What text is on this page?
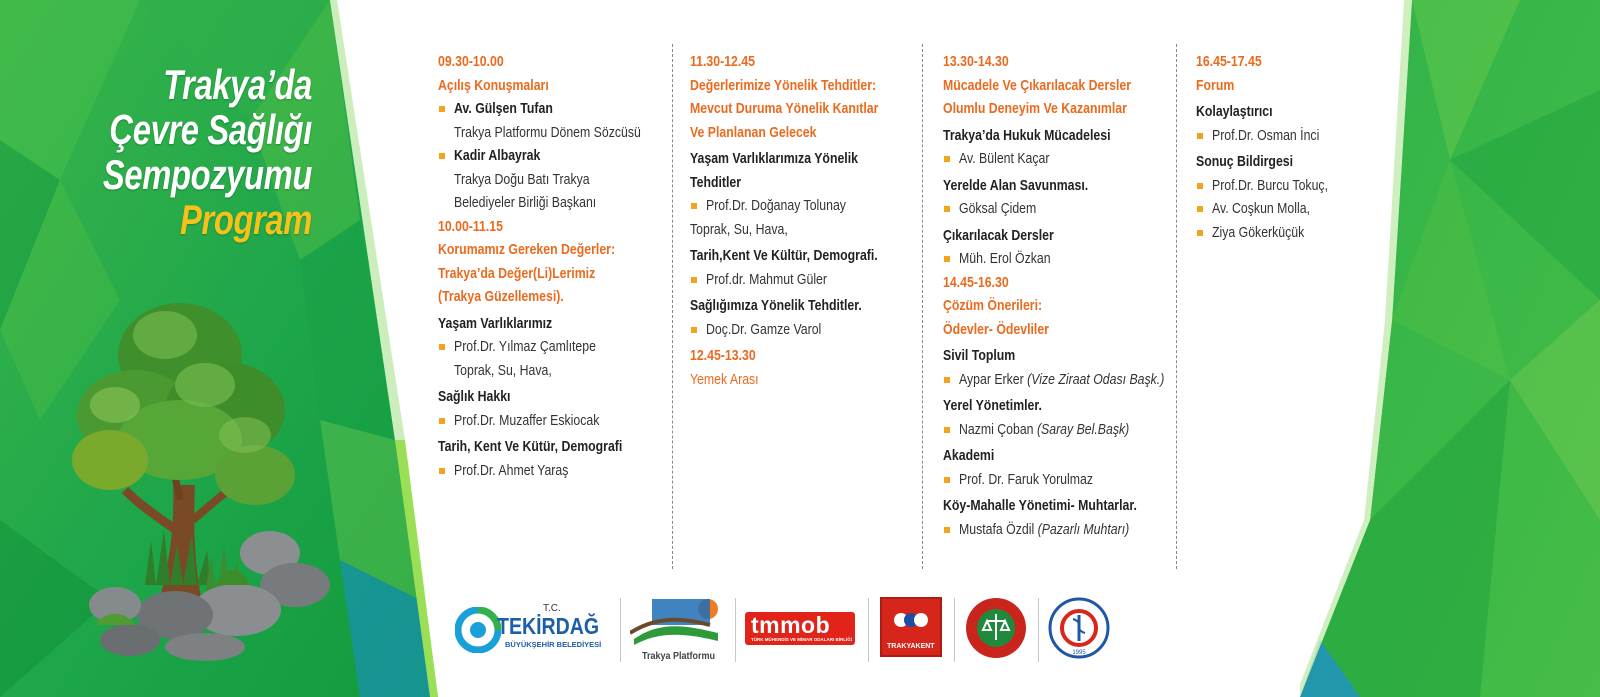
Trakya’da
Çevre Sağlığı
Sempozyumu
Program
09.30-10.00
Açılış Konuşmaları
Av. Gülşen Tufan
Trakya Platformu Dönem Sözcüsü
Kadir Albayrak
Trakya Doğu Batı Trakya
Belediyeler Birliği Başkanı
10.00-11.15
Korumamız Gereken Değerler:
Trakya’da Değer(Li)Lerimiz
(Trakya Güzellemesi).
Yaşam Varlıklarımız
Prof.Dr. Yılmaz Çamlıtepe
Toprak, Su, Hava,
Sağlık Hakkı
Prof.Dr. Muzaffer Eskiocak
Tarih, Kent Ve Kütür, Demografi
Prof.Dr. Ahmet Yaraş
11.30-12.45
Değerlerimize Yönelik Tehditler:
Mevcut Duruma Yönelik Kanıtlar
Ve Planlanan Gelecek
Yaşam Varlıklarımıza Yönelik
Tehditler
Prof.Dr. Doğanay Tolunay
Toprak, Su, Hava,
Tarih,Kent Ve Kültür, Demografi.
Prof.dr. Mahmut Güler
Sağlığımıza Yönelik Tehditler.
Doç.Dr. Gamze Varol
12.45-13.30
Yemek Arası
13.30-14.30
Mücadele Ve Çıkarılacak Dersler
Olumlu Deneyim Ve Kazanımlar
Trakya’da Hukuk Mücadelesi
Av. Bülent Kaçar
Yerelde Alan Savunması.
Göksal Çidem
Çıkarılacak Dersler
Müh. Erol Özkan
14.45-16.30
Çözüm Önerileri:
Ödevler- Ödevliler
Sivil Toplum
Aypar Erker (Vize Ziraat Odası Başk.)
Yerel Yönetimler.
Nazmi Çoban (Saray Bel.Başk)
Akademi
Prof. Dr. Faruk Yorulmaz
Köy-Mahalle Yönetimi- Muhtarlar.
Mustafa Özdil (Pazarlı Muhtarı)
16.45-17.45
Forum
Kolaylaştırıcı
Prof.Dr. Osman İnci
Sonuç Bildirgesi
Prof.Dr. Burcu Tokuç,
Av. Coşkun Molla,
Ziya Gökerküçük
T.C.
TEKİRDAĞ
BÜYÜKŞEHİR BELEDİYESİ
Trakya Platformu
tmmob
TÜRK MÜHENDİS VE MİMAR ODALARI BİRLİĞİ
TRAKYAKENT
1995
